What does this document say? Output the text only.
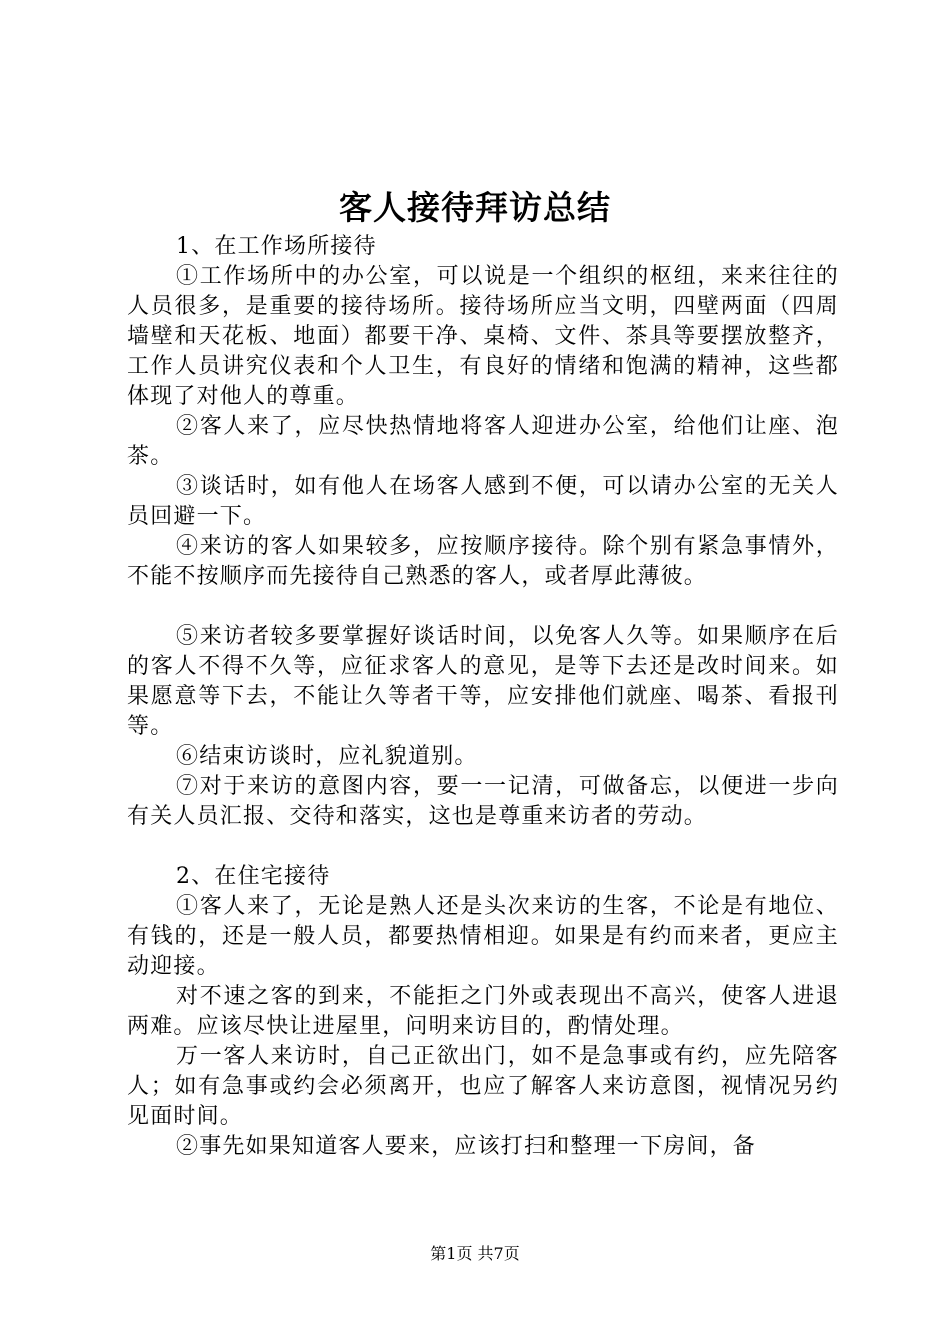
客人接待拜访总结

1、在工作场所接待

①工作场所中的办公室，可以说是一个组织的枢纽，来来往往的人员很多，是重要的接待场所。接待场所应当文明，四壁两面（四周墙壁和天花板、地面）都要干净、桌椅、文件、茶具等要摆放整齐，工作人员讲究仪表和个人卫生，有良好的情绪和饱满的精神，这些都体现了对他人的尊重。

②客人来了，应尽快热情地将客人迎进办公室，给他们让座、泡茶。

③谈话时，如有他人在场客人感到不便，可以请办公室的无关人员回避一下。

④来访的客人如果较多，应按顺序接待。除个别有紧急事情外，不能不按顺序而先接待自己熟悉的客人，或者厚此薄彼。

⑤来访者较多要掌握好谈话时间，以免客人久等。如果顺序在后的客人不得不久等，应征求客人的意见，是等下去还是改时间来。如果愿意等下去，不能让久等者干等，应安排他们就座、喝茶、看报刊等。

⑥结束访谈时，应礼貌道别。

⑦对于来访的意图内容，要一一记清，可做备忘，以便进一步向有关人员汇报、交待和落实，这也是尊重来访者的劳动。

2、在住宅接待

①客人来了，无论是熟人还是头次来访的生客，不论是有地位、有钱的，还是一般人员，都要热情相迎。如果是有约而来者，更应主动迎接。

对不速之客的到来，不能拒之门外或表现出不高兴，使客人进退两难。应该尽快让进屋里，问明来访目的，酌情处理。

万一客人来访时，自己正欲出门，如不是急事或有约，应先陪客人；如有急事或约会必须离开，也应了解客人来访意图，视情况另约见面时间。

②事先如果知道客人要来，应该打扫和整理一下房间，备

第1页 共7页
